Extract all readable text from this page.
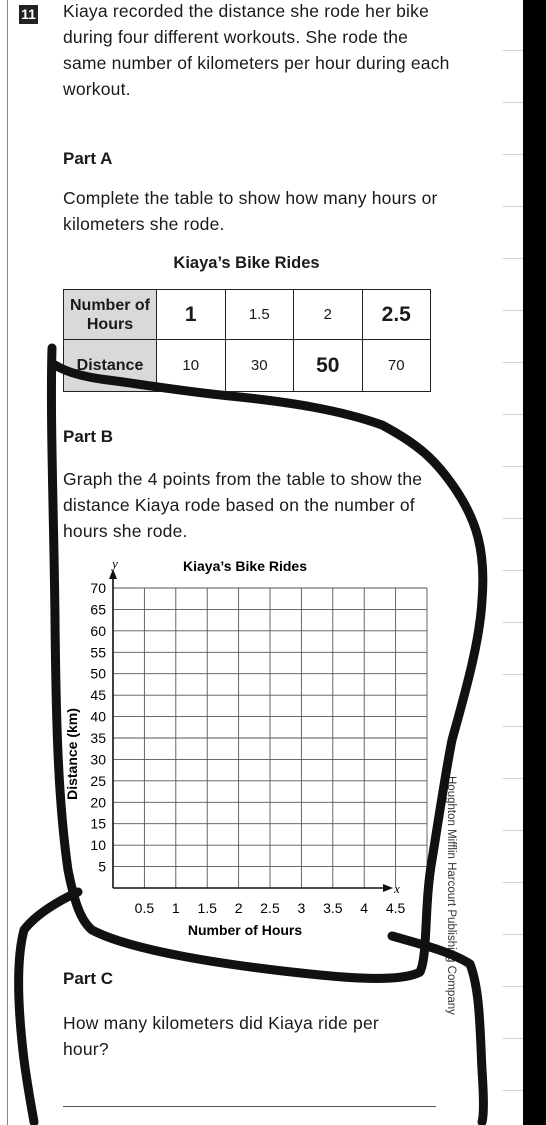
11 Kiaya recorded the distance she rode her bike during four different workouts. She rode the same number of kilometers per hour during each workout.
Part A
Complete the table to show how many hours or kilometers she rode.
Kiaya’s Bike Rides
Number of Hours	1	1.5	2	2.5
Distance	10	30	50	70
Part B
Graph the 4 points from the table to show the distance Kiaya rode based on the number of hours she rode.
Kiaya’s Bike Rides
y
x
5
10
15
20
25
30
35
40
45
50
55
60
65
70
0.5 1 1.5 2 2.5 3 3.5 4 4.5 5
Number of Hours
Distance (km)
Part C
How many kilometers did Kiaya ride per hour?
Houghton Mifflin Harcourt Publishing Company
